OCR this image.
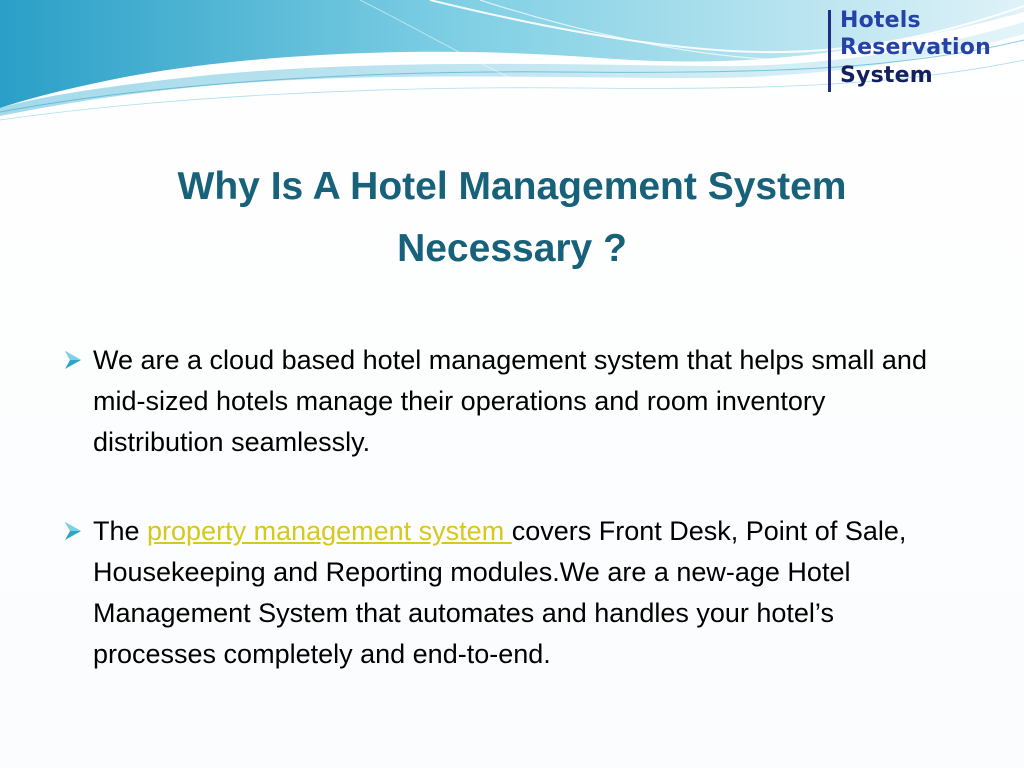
Hotels
Reservation
System
Why Is A Hotel Management System
Necessary ?
We are a cloud based hotel management system that helps small and mid-sized hotels manage their operations and room inventory distribution seamlessly.
The property management system covers Front Desk, Point of Sale, Housekeeping and Reporting modules.We are a new-age Hotel Management System that automates and handles your hotel’s processes completely and end-to-end.
